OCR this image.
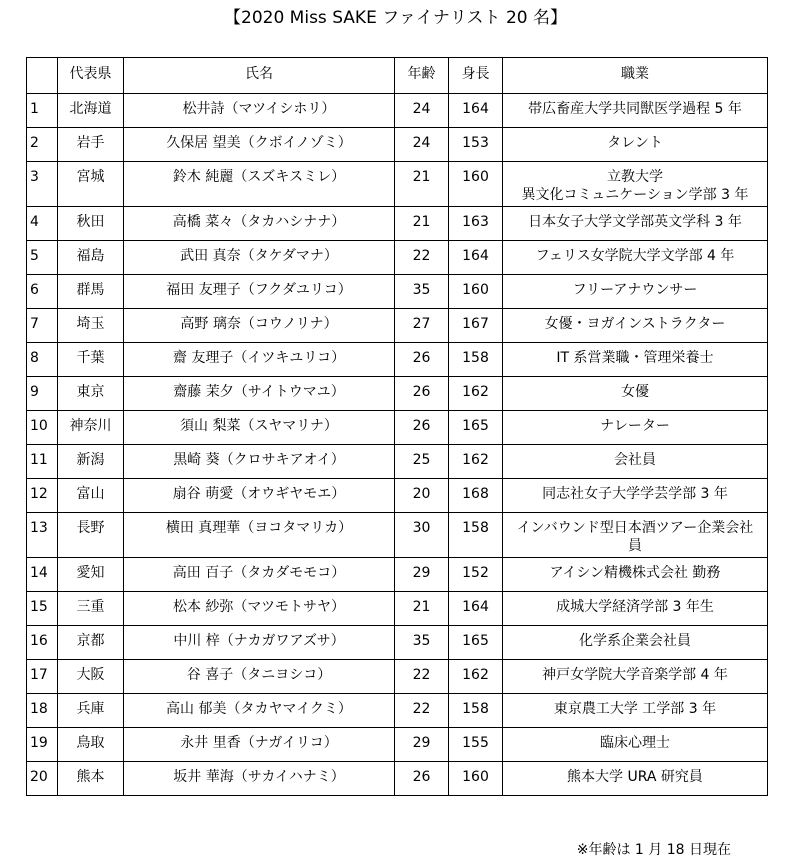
【2020 Miss SAKE ファイナリスト 20 名】
	代表県	氏名	年齢	身長	職業
1	北海道	松井詩（マツイシホリ）	24	164	帯広畜産大学共同獣医学過程 5 年
2	岩手	久保居 望美（クボイノゾミ）	24	153	タレント
3	宮城	鈴木 純麗（スズキスミレ）	21	160	立教大学
異文化コミュニケーション学部 3 年

4	秋田	高橋 菜々（タカハシナナ）	21	163	日本女子大学文学部英文学科 3 年
5	福島	武田 真奈（タケダマナ）	22	164	フェリス女学院大学文学部 4 年
6	群馬	福田 友理子（フクダユリコ）	35	160	フリーアナウンサー
7	埼玉	高野 璃奈（コウノリナ）	27	167	女優・ヨガインストラクター
8	千葉	齋 友理子（イツキユリコ）	26	158	IT 系営業職・管理栄養士
9	東京	齋藤 茉夕（サイトウマユ）	26	162	女優
10	神奈川	須山 梨菜（スヤマリナ）	26	165	ナレーター
11	新潟	黒崎 葵（クロサキアオイ）	25	162	会社員
12	富山	扇谷 萌愛（オウギヤモエ）	20	168	同志社女子大学学芸学部 3 年
13	長野	横田 真理華（ヨコタマリカ）	30	158	インバウンド型日本酒ツアー企業会社
員

14	愛知	高田 百子（タカダモモコ）	29	152	アイシン精機株式会社 勤務
15	三重	松本 紗弥（マツモトサヤ）	21	164	成城大学経済学部 3 年生
16	京都	中川 梓（ナカガワアズサ）	35	165	化学系企業会社員
17	大阪	谷 喜子（タニヨシコ）	22	162	神戸女学院大学音楽学部 4 年
18	兵庫	高山 郁美（タカヤマイクミ）	22	158	東京農工大学 工学部 3 年
19	鳥取	永井 里香（ナガイリコ）	29	155	臨床心理士
20	熊本	坂井 華海（サカイハナミ）	26	160	熊本大学 URA 研究員
※年齢は 1 月 18 日現在
